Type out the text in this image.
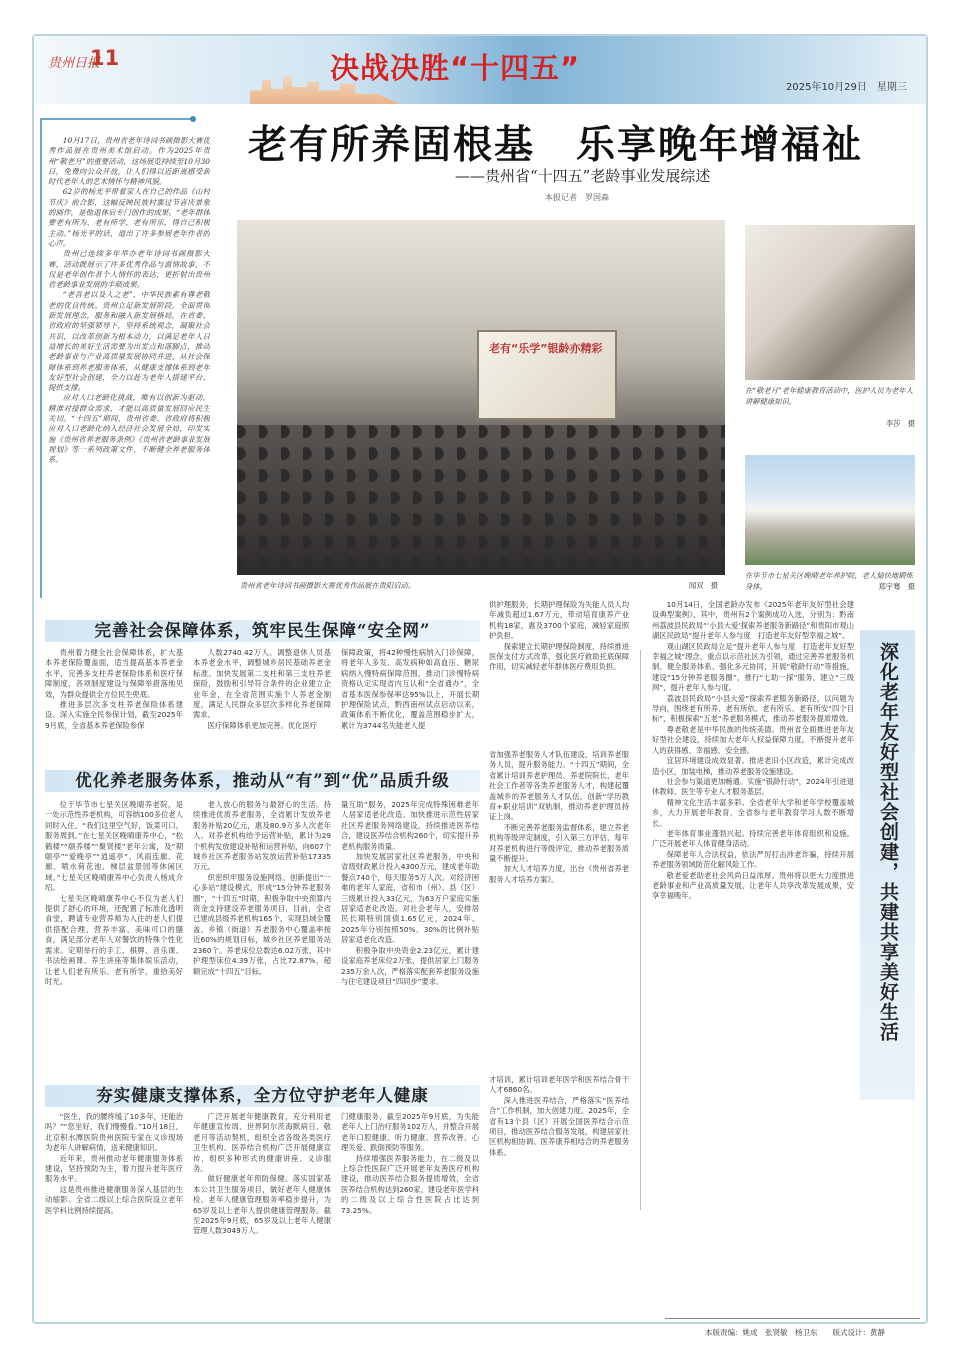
贵州日报
11	决战决胜“十四五”
2025年10月29日　星期三
老有所养固根基　乐享晚年增福祉
——贵州省“十四五”老龄事业发展综述
本报记者　罗国森

10月17日，贵州省老年诗词书画摄影大赛优秀作品展在贵州美术馆启动。作为2025年贵州“敬老月”的重要活动，这场展览持续至10月30日，免费向公众开放，让人们得以近距离感受新时代老年人的艺术情怀与精神风貌。

62岁的杨光平带着家人在自己的作品《山村节庆》前合影，这幅反映民族村寨过节喜庆景象的画作，是他退休后专门创作的成果。“老年群体要老有所为、老有所学、老有所乐，得自己积极主动。”杨光平的话，道出了许多参展老年作者的心声。

贵州已连续多年举办老年诗词书画摄影大赛，活动既展示了许多优秀作品与温情故事，不仅是老年创作者个人情怀的表达，更折射出贵州省老龄事业发展的丰硕成果。

“老吾老以及人之老”，中华民族素有尊老敬老的优良传统。贵州立足新发展阶段，全面贯彻新发展理念，服务和融入新发展格局，在省委、省政府的坚强领导下，坚持系统观念，凝聚社会共识，以改革创新为根本动力，以满足老年人日益增长的美好生活需要为出发点和落脚点，推动老龄事业与产业高质量发展协同并进。从社会保障体系到养老服务体系，从健康支撑体系到老年友好型社会创建，全力以赴为老年人搭建平台、提供支撑。

应对人口老龄化挑战，唯有以创新为驱动，精准对接群众需求，才能以高质量发展回应民生关切。“十四五”期间，贵州省委、省政府将积极应对人口老龄化纳入经济社会发展全局，印发实施《贵州省养老服务条例》《贵州省老龄事业发展规划》等一系列政策文件，不断健全养老服务体系。

老有“乐学”银龄亦精彩
贵州省老年诗词书画摄影大赛优秀作品展在贵阳启动。	闻双　摄
在“敬老月”老年健康教育活动中，医护人员为老年人讲解健康知识。
李莎　摄
在毕节市七星关区晚晴老年养护院，老人愉快地锻炼身体。	郑宇骞　摄
完善社会保障体系，筑牢民生保障“安全网”

贵州着力健全社会保障体系，扩大基本养老保险覆盖面，适当提高基本养老金水平，完善多支柱养老保险体系和医疗保障制度，各项制度建设与保障举措落地见效，为群众提供全方位民生兜底。

推进多层次多支柱养老保险体系建设。深入实施全民参保计划，截至2025年9月底，全省基本养老保险参保

人数2740.42万人。调整退休人员基本养老金水平，调整城乡居民基础养老金标准。加快发展第二支柱和第三支柱养老保险，鼓励和引导符合条件的企业建立企业年金，在全省范围实施个人养老金制度，满足人民群众多层次多样化养老保障需求。

医疗保障体系更加完善。优化医疗

保障政策，将42种慢性病纳入门诊保障，将老年人多发、高发病种如高血压、糖尿病纳入慢特病保障范围，推动门诊慢特病资格认定实现省内互认和“全省通办”，全省基本医保参保率达95%以上，开展长期护理保险试点，黔西南州试点启动以来，政策体系不断优化，覆盖范围稳步扩大，累计为3744名失能老人提

供护理服务，长期护理保险为失能人员人均年减负超过1.67万元，带动培育康养产业机构18家，惠及3700个家庭，减轻家庭照护负担。

探索建立长期护理保险制度，持续推进医保支付方式改革，强化医疗救助托底保障作用，切实减轻老年群体医疗费用负担。

优化养老服务体系，推动从“有”到“优”品质升级

位于毕节市七星关区晚晴养老院，是一处示范性养老机构，可容纳100多位老人同时入住。“我们这里空气好，饭菜可口，服务周到。”在七星关区晚晴康养中心，“松鹤楼”“颐养楼”“聚贤楼”老年公寓，及“期颐亭”“爱晚亭”“逍遥亭”、风雨连廊、花廊、喷水荷花池、梯层盆景园等休闲区域。”七星关区晚晴康养中心负责人杨成介绍。

七星关区晚晴康养中心不仅为老人们提供了舒心的环境，还配置了标准化透明食堂，聘请专业营养师为入住的老人们提供搭配合理、营养丰富、美味可口的膳食，满足部分老年人对餐饮的特殊个性化需求。定期举行的手工、棋牌、音乐课、书法绘画课、养生讲座等集体娱乐活动，让老人们老有所乐、老有所学，重拾美好时光。

老人放心的服务与最舒心的生活。持续推进优质养老服务，全省累计发放养老服务补贴20亿元，惠及80.9万多人次老年人。对养老机构给予运营补贴，累计为29个机构发放建设补贴和运营补贴，向607个城乡社区养老服务站发放运营补贴17335万元。

织密织牢服务设施网络。创新提出“一心多站”建设模式，形成“15分钟养老服务圈”，“十四五”时期，积极争取中央预算内资金支持建设养老服务项目，目前，全省已建成县级养老机构165个，实现县域全覆盖，乡镇（街道）养老服务中心覆盖率接近60%的规划目标，城乡社区养老服务站2360个。养老床位总数达6.02万张，其中护理型床位4.39万张，占比72.87%，超额完成“十四五”目标。

量互助”服务，2025年完成特殊困难老年人居家适老化改造。加快推进示范性居家社区养老服务网络建设，持续推进医养结合，建设医养结合机构260个，切实提升养老机构服务质量。

加快发展居家社区养老服务，中央和省级财政累计投入4300万元，建成老年助餐点740个，每天服务5万人次。对经济困难的老年人家庭，省和市（州）、县（区）三级累计投入33亿元，为63万户家庭实施居家适老化改造。对社会老年人，安排居民长期特别国债1.65亿元，2024年、2025年分别按照50%、30%的比例补贴居家适老化改造。

积极争取中央资金2.23亿元，累计建设家庭养老床位2万张，提供居家上门服务235万余人次，严格落实配套养老服务设施与住宅建设项目“四同步”要求。

省加强养老服务人才队伍建设，培训养老服务人员，提升服务能力。“十四五”期间，全省累计培训养老护理员、养老院院长、老年社会工作者等各类养老服务人才，构建起覆盖城乡的养老服务人才队伍。创新“学历教育+职业培训”双轨制，推动养老护理员持证上岗。

不断完善养老服务监督体系，建立养老机构等级评定制度，引入第三方评估，每年对养老机构进行等级评定，推动养老服务质量不断提升。

加大人才培养力度，出台《贵州省养老服务人才培养方案》。

夯实健康支撑体系，全方位守护老年人健康

“医生，我的腰疼缓了10多年，还能治吗？”“您坐好，我们慢慢看。”10月18日，北京积水潭医院贵州医院专家在义诊现场为老年人讲解病情，送来健康知识。

近年来，贵州推动老年健康服务体系建设，坚持预防为主，着力提升老年医疗服务水平。

这是贵州推进健康服务深入基层的生动缩影。全省二级以上综合医院设立老年医学科比例持续提高。

广泛开展老年健康教育，充分利用老年健康宣传周、世界阿尔茨海默病日、敬老月等活动契机，组织全省各级各类医疗卫生机构、医养结合机构广泛开展健康宣传，组织多种形式的健康讲座、义诊服务。

做好健康老年预防保健。落实国家基本公共卫生服务项目，做好老年人健康体检，老年人健康管理服务率稳步提升，为65岁及以上老年人提供健康管理服务。截至2025年9月底，65岁及以上老年人健康管理人数3049万人。

门健康服务，截至2025年9月底，为失能老年人上门治疗服务102万人，并整合开展老年口腔健康、听力健康、营养改善、心理关爱、跌倒预防等服务。

持续增强医养服务能力，在二级及以上综合性医院广泛开展老年友善医疗机构建设，推动医养结合服务提质增效，全省医养结合机构达到260家，建设老年医学科的二级及以上综合性医院占比达到73.25%。

才培训，累计培训老年医学和医养结合骨干人才6860名。

深入推进医养结合，严格落实“医养结合”工作机制，加大创建力度。2025年，全省有13个县（区）开展全国医养结合示范项目，推动医养结合服务发展，构建居家社区机构相协调、医养康养相结合的养老服务体系。

10月14日，全国老龄办发布《2025年老年友好型社会建设典型案例》，其中，贵州有2个案例成功入选，分别为：黔南州荔波县民政局“‘小县大爱’探索养老服务新路径”和贵阳市观山湖区民政局“提升老年人参与度　打造老年友好型幸福之城”。

观山湖区民政局立足“提升老年人参与度　打造老年友好型幸福之城”理念，重点以示范社区为引领，通过完善养老服务机制、健全服务体系、强化多元协同，开展“敬龄行动”等措施，建设“15分钟养老服务圈”，推行“七助一探”服务，建立“三级网”，提升老年人参与度。

荔波县民政局“小县大爱”探索养老服务新路径，以问题为导向，围绕老有所养、老有所依、老有所乐、老有所安“四个目标”，积极探索“五老”养老服务模式，推动养老服务提质增效。

尊老敬老是中华民族的传统美德。贵州省全面推进老年友好型社会建设，持续加大老年人权益保障力度，不断提升老年人的获得感、幸福感、安全感。

宜居环境建设成效显著。推进老旧小区改造，累计完成改造小区，加装电梯，推动养老服务设施建设。

社会参与渠道更加畅通。实施“银龄行动”，2024年引进退休教师、医生等专业人才服务基层。

精神文化生活丰富多彩。全省老年大学和老年学校覆盖城乡，大力开展老年教育，全省参与老年教育学习人数不断增长。

老年体育事业蓬勃兴起。持续完善老年体育组织和设施，广泛开展老年人体育健身活动。

保障老年人合法权益，依法严厉打击涉老诈骗，持续开展养老服务领域防范化解风险工作。

敬老爱老助老社会风尚日益浓厚。贵州将以更大力度推进老龄事业和产业高质量发展，让老年人共享改革发展成果，安享幸福晚年。	深化老年友好型社会创建，共建共享美好生活
本版责编：姚成　张贤敏　杨卫东　　版式设计：黄静
